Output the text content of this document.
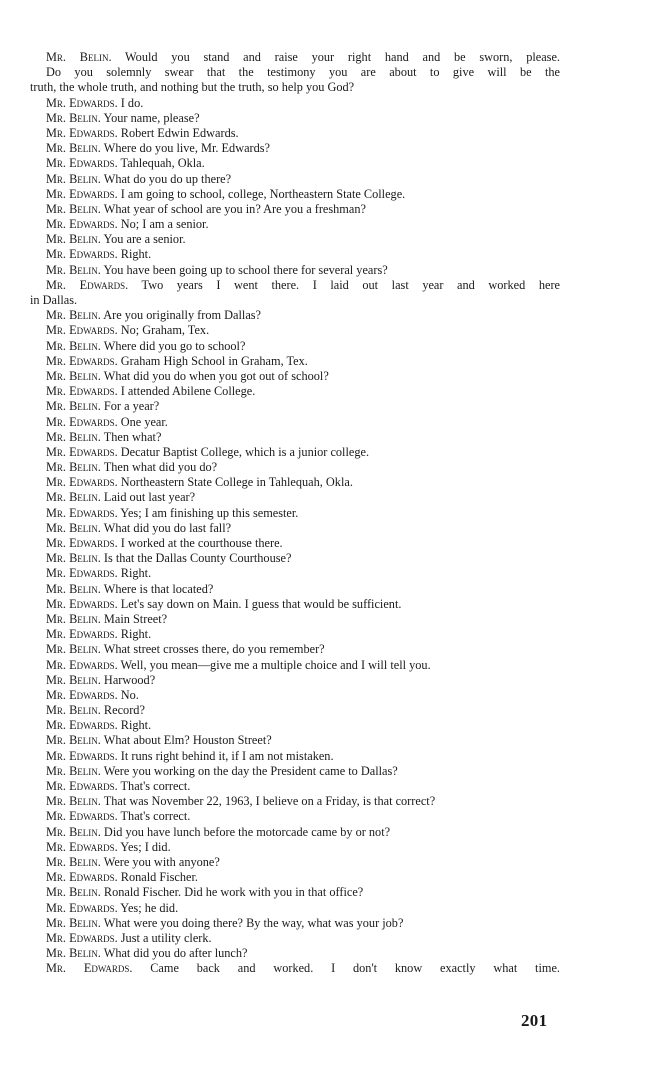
Mr. Belin. Would you stand and raise your right hand and be sworn, please.
Do you solemnly swear that the testimony you are about to give will be the
truth, the whole truth, and nothing but the truth, so help you God?
Mr. Edwards. I do.
Mr. Belin. Your name, please?
Mr. Edwards. Robert Edwin Edwards.
Mr. Belin. Where do you live, Mr. Edwards?
Mr. Edwards. Tahlequah, Okla.
Mr. Belin. What do you do up there?
Mr. Edwards. I am going to school, college, Northeastern State College.
Mr. Belin. What year of school are you in? Are you a freshman?
Mr. Edwards. No; I am a senior.
Mr. Belin. You are a senior.
Mr. Edwards. Right.
Mr. Belin. You have been going up to school there for several years?
Mr. Edwards. Two years I went there. I laid out last year and worked here
in Dallas.
Mr. Belin. Are you originally from Dallas?
Mr. Edwards. No; Graham, Tex.
Mr. Belin. Where did you go to school?
Mr. Edwards. Graham High School in Graham, Tex.
Mr. Belin. What did you do when you got out of school?
Mr. Edwards. I attended Abilene College.
Mr. Belin. For a year?
Mr. Edwards. One year.
Mr. Belin. Then what?
Mr. Edwards. Decatur Baptist College, which is a junior college.
Mr. Belin. Then what did you do?
Mr. Edwards. Northeastern State College in Tahlequah, Okla.
Mr. Belin. Laid out last year?
Mr. Edwards. Yes; I am finishing up this semester.
Mr. Belin. What did you do last fall?
Mr. Edwards. I worked at the courthouse there.
Mr. Belin. Is that the Dallas County Courthouse?
Mr. Edwards. Right.
Mr. Belin. Where is that located?
Mr. Edwards. Let's say down on Main. I guess that would be sufficient.
Mr. Belin. Main Street?
Mr. Edwards. Right.
Mr. Belin. What street crosses there, do you remember?
Mr. Edwards. Well, you mean—give me a multiple choice and I will tell you.
Mr. Belin. Harwood?
Mr. Edwards. No.
Mr. Belin. Record?
Mr. Edwards. Right.
Mr. Belin. What about Elm? Houston Street?
Mr. Edwards. It runs right behind it, if I am not mistaken.
Mr. Belin. Were you working on the day the President came to Dallas?
Mr. Edwards. That's correct.
Mr. Belin. That was November 22, 1963, I believe on a Friday, is that correct?
Mr. Edwards. That's correct.
Mr. Belin. Did you have lunch before the motorcade came by or not?
Mr. Edwards. Yes; I did.
Mr. Belin. Were you with anyone?
Mr. Edwards. Ronald Fischer.
Mr. Belin. Ronald Fischer. Did he work with you in that office?
Mr. Edwards. Yes; he did.
Mr. Belin. What were you doing there? By the way, what was your job?
Mr. Edwards. Just a utility clerk.
Mr. Belin. What did you do after lunch?
Mr. Edwards. Came back and worked. I don't know exactly what time.
201
